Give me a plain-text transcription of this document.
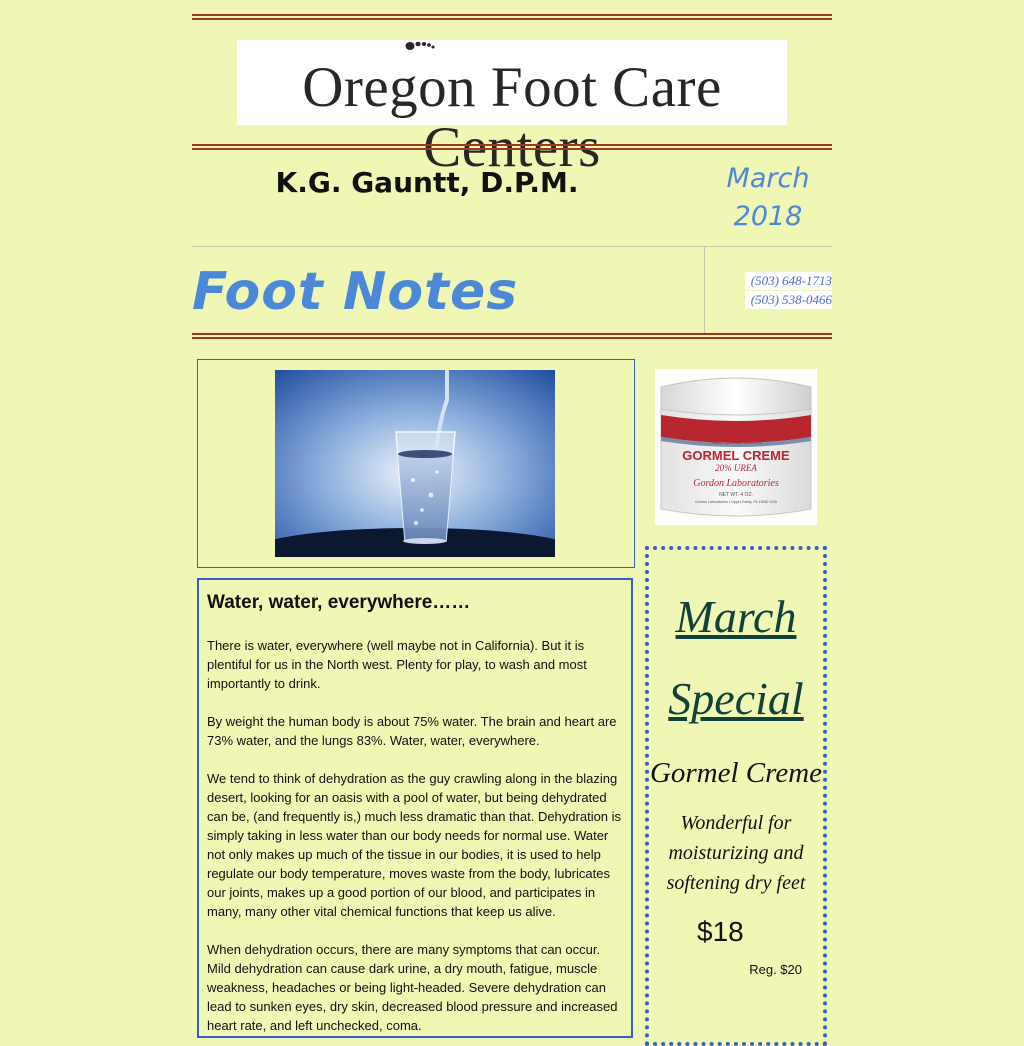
Oregon Foot Care Centers
K.G. Gauntt, D.P.M.	March
2018
Foot Notes	(503) 648-1713
(503) 538-0466
NDC 10481-3001-5
GORMEL CREME
20% UREA
Gordon Laboratories
NET WT. 4 OZ.
Gordon Laboratories • Upper Darby, PA 19082 USA
Water, water, everywhere……

There is water, everywhere (well maybe not in California). But it is plentiful for us in the North west. Plenty for play, to wash and most importantly to drink.

By weight the human body is about 75% water. The brain and heart are 73% water, and the lungs 83%. Water, water, everywhere.

We tend to think of dehydration as the guy crawling along in the blazing desert, looking for an oasis with a pool of water, but being dehydrated can be, (and frequently is,) much less dramatic than that. Dehydration is simply taking in less water than our body needs for normal use. Water not only makes up much of the tissue in our bodies, it is used to help regulate our body temperature, moves waste from the body, lubricates our joints, makes up a good portion of our blood, and participates in many, many other vital chemical functions that keep us alive.

When dehydration occurs, there are many symptoms that can occur. Mild dehydration can cause dark urine, a dry mouth, fatigue, muscle weakness, headaches or being light-headed. Severe dehydration can lead to sunken eyes, dry skin, decreased blood pressure and increased heart rate, and left unchecked, coma.

March
Special
Gormel Creme
Wonderful for moisturizing and softening dry feet
$18
Reg. $20
